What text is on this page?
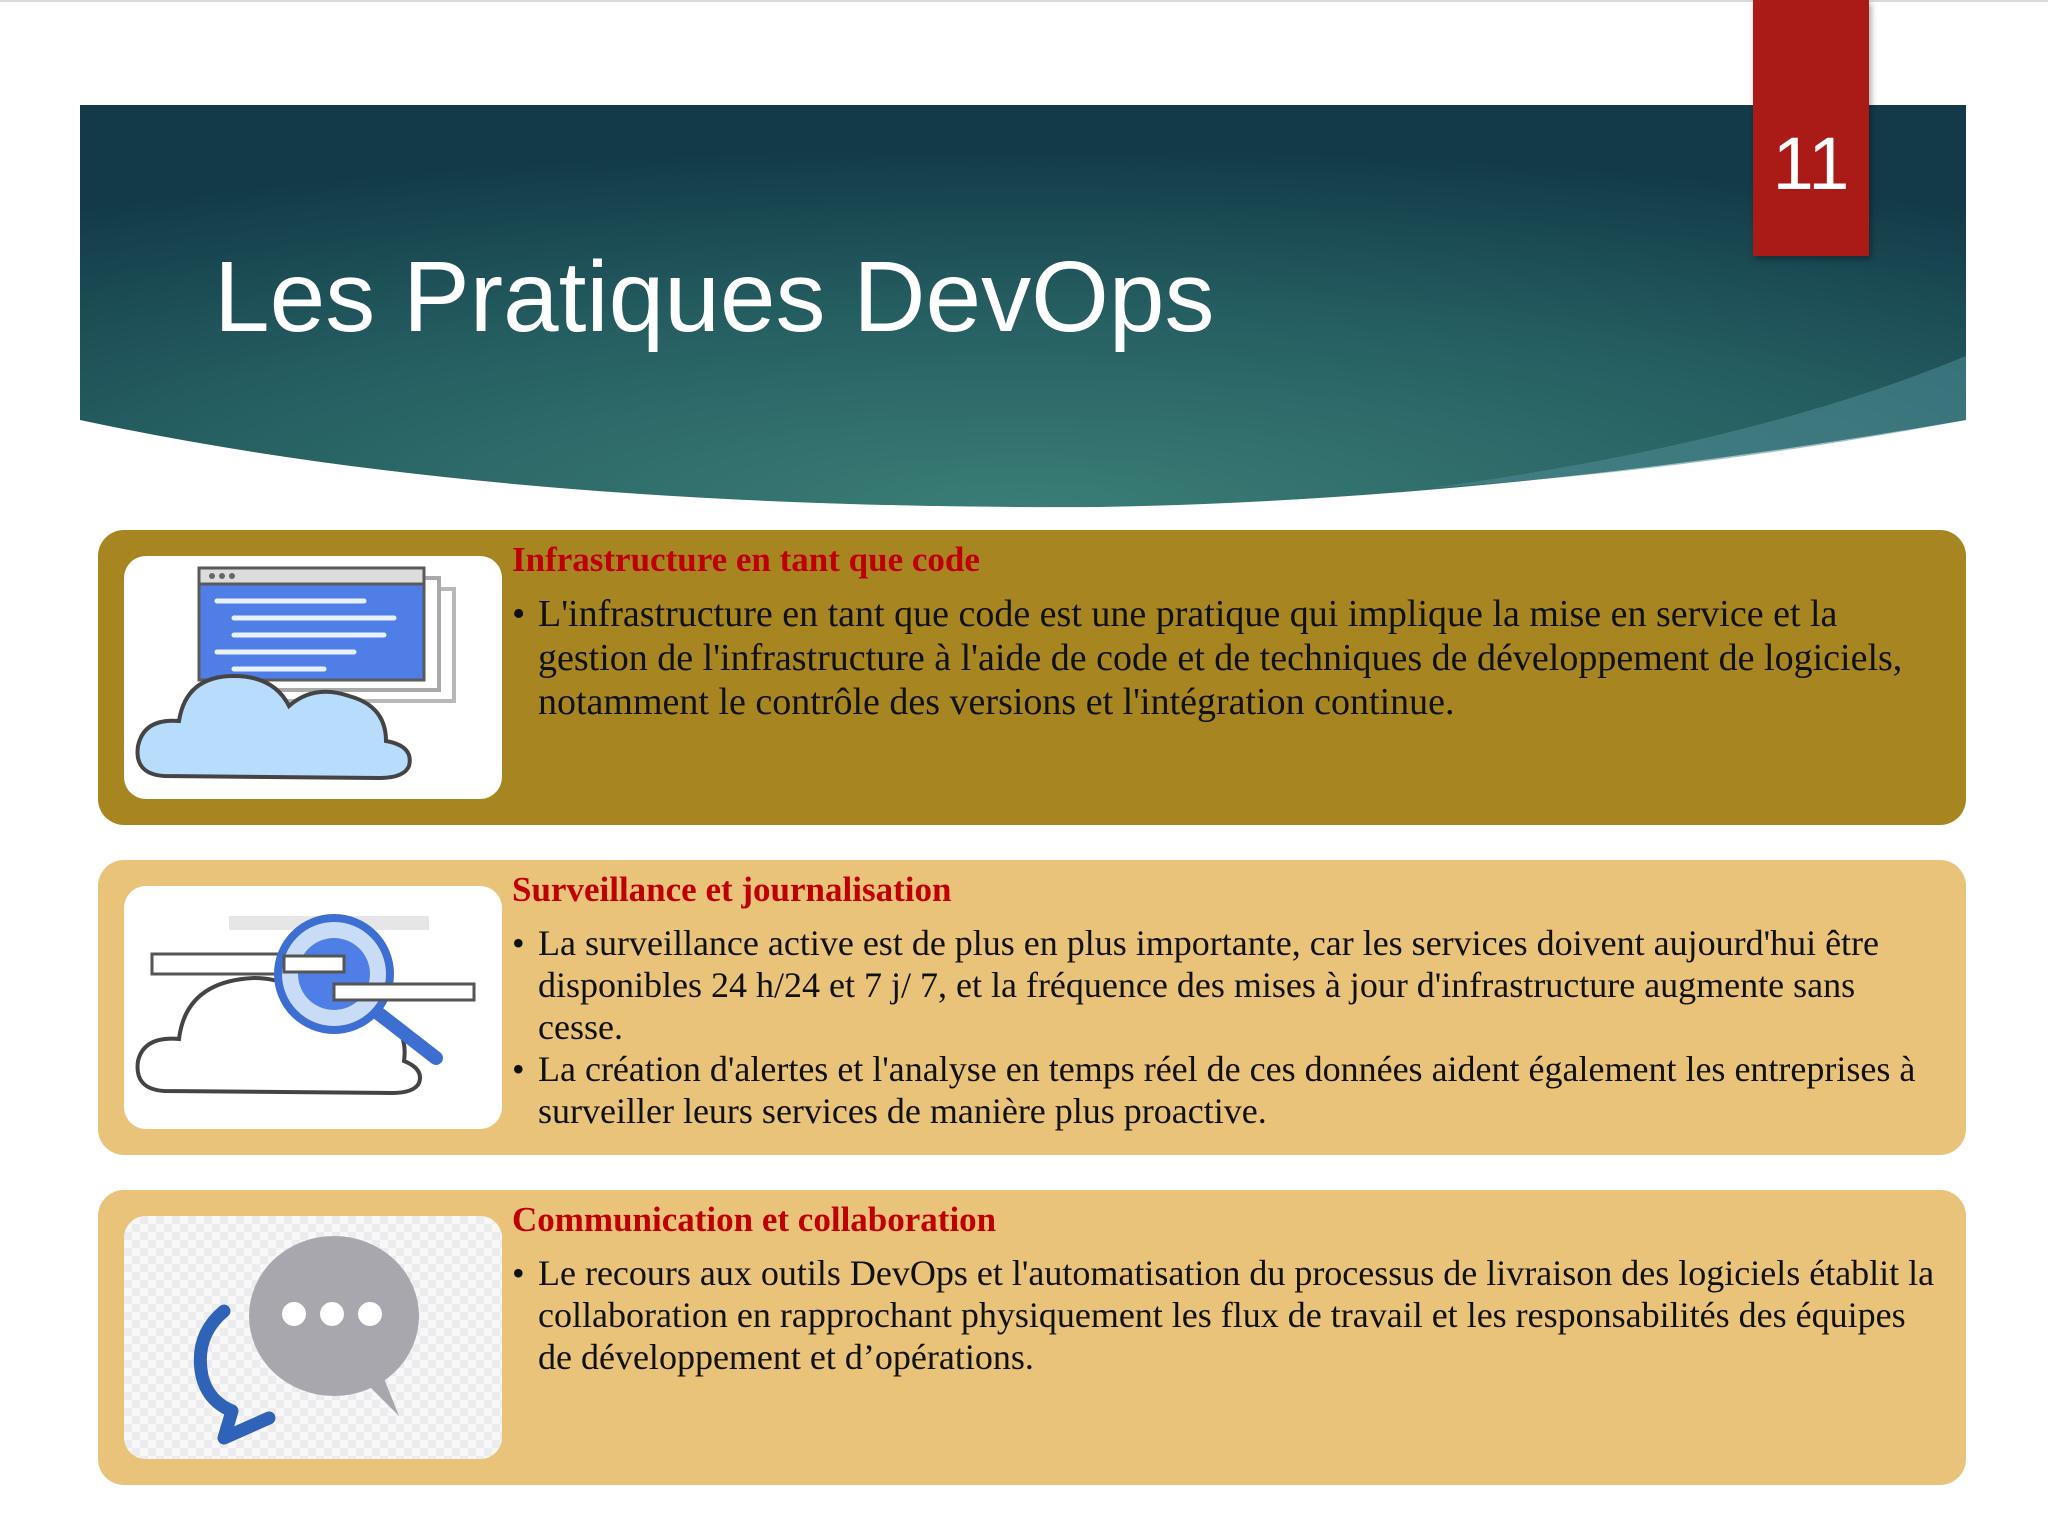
11
Les Pratiques DevOps
Infrastructure en tant que code
• L'infrastructure en tant que code est une pratique qui implique la mise en service et la gestion de l'infrastructure à l'aide de code et de techniques de développement de logiciels, notamment le contrôle des versions et l'intégration continue.
Surveillance et journalisation
• La surveillance active est de plus en plus importante, car les services doivent aujourd'hui être disponibles 24 h/24 et 7 j/ 7, et la fréquence des mises à jour d'infrastructure augmente sans cesse.
• La création d'alertes et l'analyse en temps réel de ces données aident également les entreprises à surveiller leurs services de manière plus proactive.
Communication et collaboration
• Le recours aux outils DevOps et l'automatisation du processus de livraison des logiciels établit la collaboration en rapprochant physiquement les flux de travail et les responsabilités des équipes de développement et d’opérations.
